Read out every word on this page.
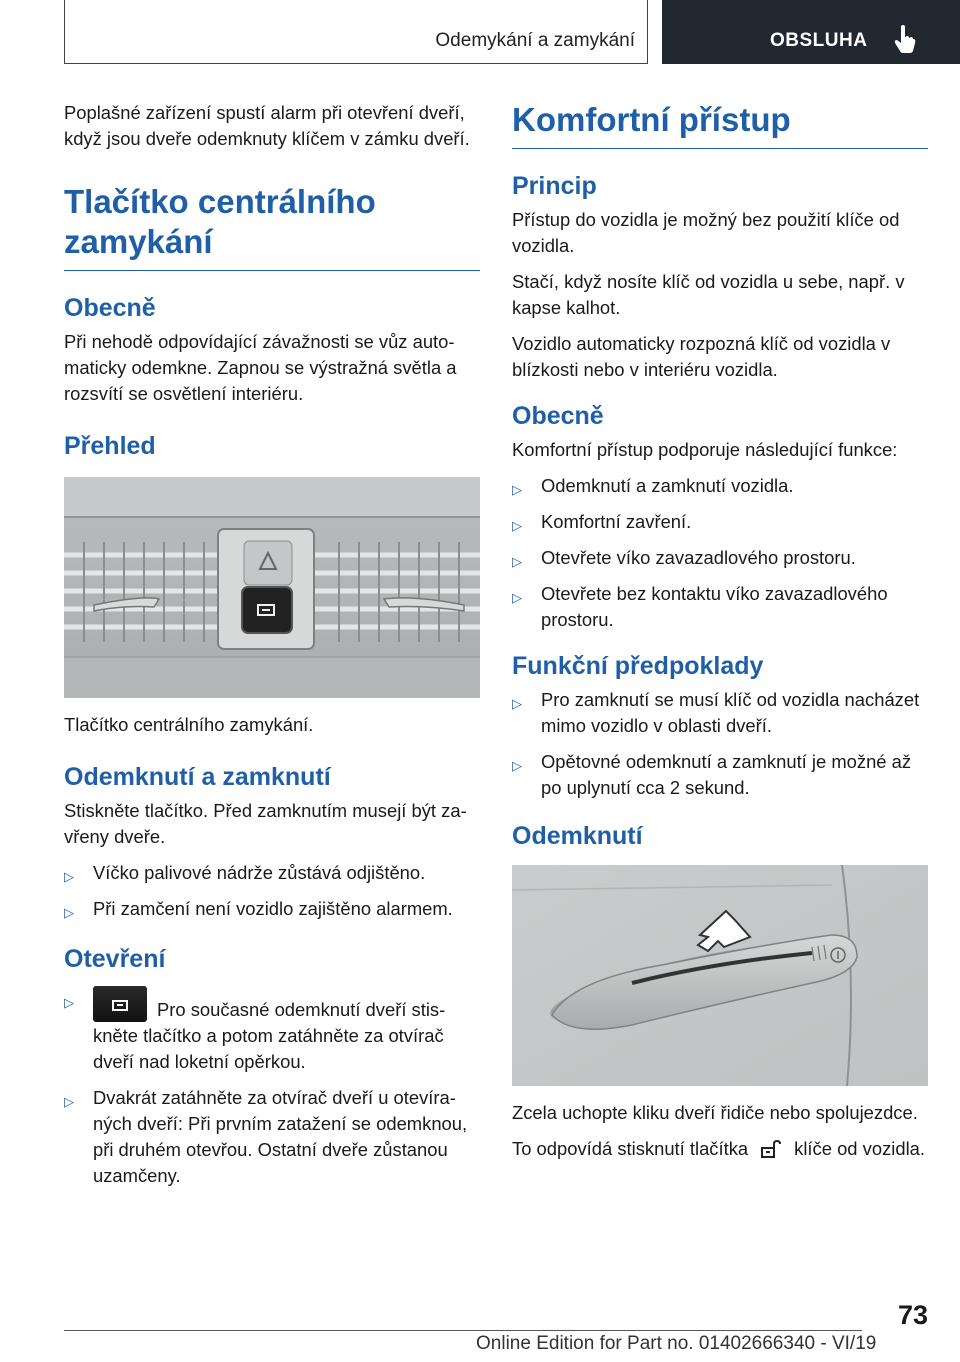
Odemykání a zamykání	OBSLUHA

Poplašné zařízení spustí alarm při otevření dveří, když jsou dveře odemknuty klíčem v zámku dveří.

Tlačítko centrálního zamykání
Obecně

Při nehodě odpovídající závažnosti se vůz automaticky odemkne. Zapnou se výstražná světla a rozsvítí se osvětlení interiéru.

Přehled

Tlačítko centrálního zamykání.

Odemknutí a zamknutí

Stiskněte tlačítko. Před zamknutím musejí být zavřeny dveře.

▷ Víčko palivové nádrže zůstává odjištěno.
▷ Při zamčení není vozidlo zajištěno alarmem.
Otevření
▷	Pro současné odemknutí dveří stiskněte tlačítko a potom zatáhněte za otvírač dveří nad loketní opěrkou.
▷ Dvakrát zatáhněte za otvírač dveří u otevíraných dveří: Při prvním zatažení se odemknou, při druhém otevřou. Ostatní dveře zůstanou uzamčeny.
Komfortní přístup
Princip

Přístup do vozidla je možný bez použití klíče od vozidla.

Stačí, když nosíte klíč od vozidla u sebe, např. v kapse kalhot.

Vozidlo automaticky rozpozná klíč od vozidla v blízkosti nebo v interiéru vozidla.

Obecně

Komfortní přístup podporuje následující funkce:

▷ Odemknutí a zamknutí vozidla.
▷ Komfortní zavření.
▷ Otevřete víko zavazadlového prostoru.
▷ Otevřete bez kontaktu víko zavazadlového prostoru.
Funkční předpoklady
▷ Pro zamknutí se musí klíč od vozidla nacházet mimo vozidlo v oblasti dveří.
▷ Opětovné odemknutí a zamknutí je možné až po uplynutí cca 2 sekund.
Odemknutí

Zcela uchopte kliku dveří řidiče nebo spolujezdce.

To odpovídá stisknutí tlačítka	klíče od vozidla.

73
Online Edition for Part no. 01402666340 - VI/19
